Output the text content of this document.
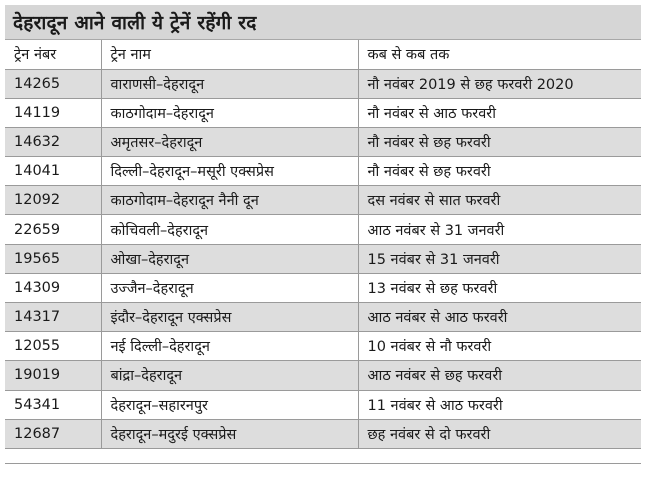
देहरादून आने वाली ये ट्रेनें रहेंगी रद
ट्रेन नंबर	ट्रेन नाम	कब से कब तक
14265	वाराणसी–देहरादून	नौ नवंबर 2019 से छह फरवरी 2020
14119	काठगोदाम–देहरादून	नौ नवंबर से आठ फरवरी
14632	अमृतसर–देहरादून	नौ नवंबर से छह फरवरी
14041	दिल्ली–देहरादून–मसूरी एक्सप्रेस	नौ नवंबर से छह फरवरी
12092	काठगोदाम–देहरादून नैनी दून	दस नवंबर से सात फरवरी
22659	कोचिवली–देहरादून	आठ नवंबर से 31 जनवरी
19565	ओखा–देहरादून	15 नवंबर से 31 जनवरी
14309	उज्जैन–देहरादून	13 नवंबर से छह फरवरी
14317	इंदौर–देहरादून एक्सप्रेस	आठ नवंबर से आठ फरवरी
12055	नई दिल्ली–देहरादून	10 नवंबर से नौ फरवरी
19019	बांद्रा–देहरादून	आठ नवंबर से छह फरवरी
54341	देहरादून–सहारनपुर	11 नवंबर से आठ फरवरी
12687	देहरादून–मदुरई एक्सप्रेस	छह नवंबर से दो फरवरी
